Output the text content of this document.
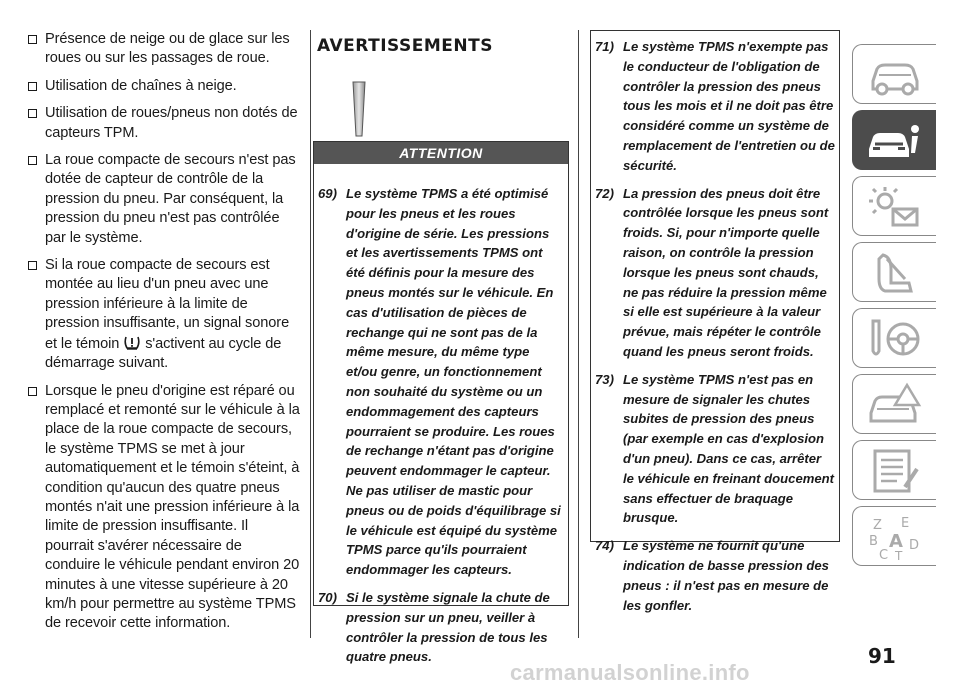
Présence de neige ou de glace sur les roues ou sur les passages de roue.
Utilisation de chaînes à neige.
Utilisation de roues/pneus non dotés de capteurs TPM.
La roue compacte de secours n'est pas dotée de capteur de contrôle de la pression du pneu. Par conséquent, la pression du pneu n'est pas contrôlée par le système.
Si la roue compacte de secours est montée au lieu d'un pneu avec une pression inférieure à la limite de pression insuffisante, un signal sonore et le témoin s'activent au cycle de démarrage suivant.
Lorsque le pneu d'origine est réparé ou remplacé et remonté sur le véhicule à la place de la roue compacte de secours, le système TPMS se met à jour automatiquement et le témoin s'éteint, à condition qu'aucun des quatre pneus montés n'ait une pression inférieure à la limite de pression insuffisante. Il pourrait s'avérer nécessaire de conduire le véhicule pendant environ 20 minutes à une vitesse supérieure à 20 km/h pour permettre au système TPMS de recevoir cette information.
AVERTISSEMENTS
ATTENTION
69) Le système TPMS a été optimisé pour les pneus et les roues d'origine de série. Les pressions et les avertissements TPMS ont été définis pour la mesure des pneus montés sur le véhicule. En cas d'utilisation de pièces de rechange qui ne sont pas de la même mesure, du même type et/ou genre, un fonctionnement non souhaité du système ou un endommagement des capteurs pourraient se produire. Les roues de rechange n'étant pas d'origine peuvent endommager le capteur. Ne pas utiliser de mastic pour pneus ou de poids d'équilibrage si le véhicule est équipé du système TPMS parce qu'ils pourraient endommager les capteurs.
70) Si le système signale la chute de pression sur un pneu, veiller à contrôler la pression de tous les quatre pneus.
71) Le système TPMS n'exempte pas le conducteur de l'obligation de contrôler la pression des pneus tous les mois et il ne doit pas être considéré comme un système de remplacement de l'entretien ou de sécurité.
72) La pression des pneus doit être contrôlée lorsque les pneus sont froids. Si, pour n'importe quelle raison, on contrôle la pression lorsque les pneus sont chauds, ne pas réduire la pression même si elle est supérieure à la valeur prévue, mais répéter le contrôle quand les pneus seront froids.
73) Le système TPMS n'est pas en mesure de signaler les chutes subites de pression des pneus (par exemple en cas d'explosion d'un pneu). Dans ce cas, arrêter le véhicule en freinant doucement sans effectuer de braquage brusque.
74) Le système ne fournit qu'une indication de basse pression des pneus : il n'est pas en mesure de les gonfler.
Z E
B A D
C T
91
carmanualsonline.info
